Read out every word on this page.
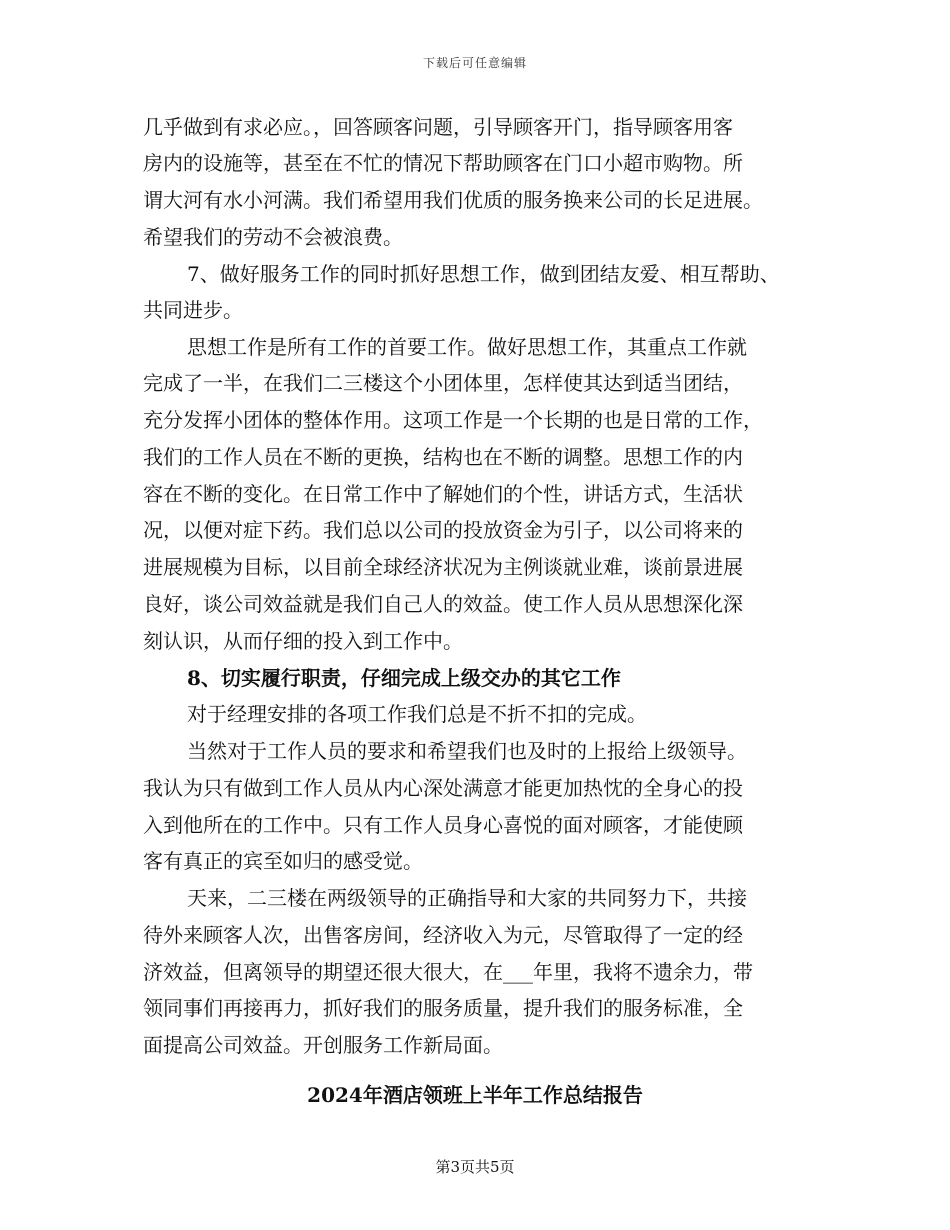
下载后可任意编辑
几乎做到有求必应。，回答顾客问题，引导顾客开门，指导顾客用客
房内的设施等，甚至在不忙的情况下帮助顾客在门口小超市购物。所
谓大河有水小河满。我们希望用我们优质的服务换来公司的长足进展。
希望我们的劳动不会被浪费。
7、做好服务工作的同时抓好思想工作，做到团结友爱、相互帮助、
共同进步。
思想工作是所有工作的首要工作。做好思想工作，其重点工作就
完成了一半，在我们二三楼这个小团体里，怎样使其达到适当团结，
充分发挥小团体的整体作用。这项工作是一个长期的也是日常的工作，
我们的工作人员在不断的更换，结构也在不断的调整。思想工作的内
容在不断的变化。在日常工作中了解她们的个性，讲话方式，生活状
况，以便对症下药。我们总以公司的投放资金为引子，以公司将来的
进展规模为目标，以目前全球经济状况为主例谈就业难，谈前景进展
良好，谈公司效益就是我们自己人的效益。使工作人员从思想深化深
刻认识，从而仔细的投入到工作中。
8、切实履行职责，仔细完成上级交办的其它工作
对于经理安排的各项工作我们总是不折不扣的完成。
当然对于工作人员的要求和希望我们也及时的上报给上级领导。
我认为只有做到工作人员从内心深处满意才能更加热忱的全身心的投
入到他所在的工作中。只有工作人员身心喜悦的面对顾客，才能使顾
客有真正的宾至如归的感受觉。
天来，二三楼在两级领导的正确指导和大家的共同努力下，共接
待外来顾客人次，出售客房间，经济收入为元，尽管取得了一定的经
济效益，但离领导的期望还很大很大，在___年里，我将不遗余力，带
领同事们再接再力，抓好我们的服务质量，提升我们的服务标准，全
面提高公司效益。开创服务工作新局面。
2024年酒店领班上半年工作总结报告
第3页共5页
